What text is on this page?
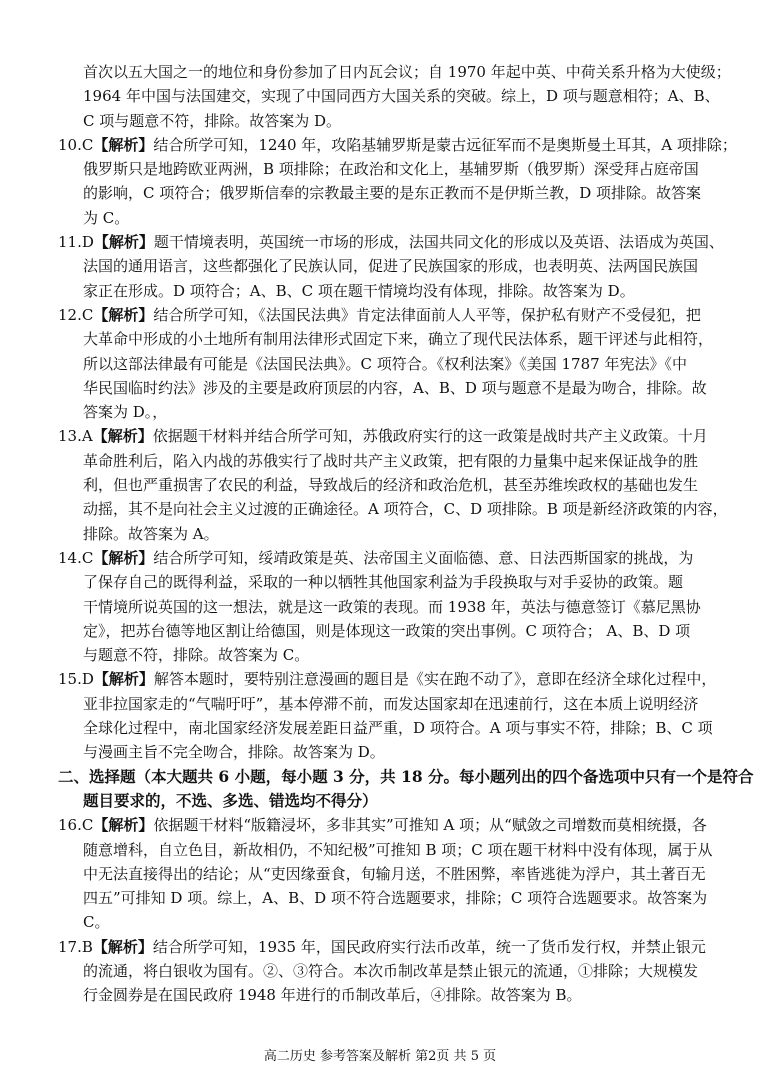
首次以五大国之一的地位和身份参加了日内瓦会议；自 1970 年起中英、中荷关系升格为大使级；
1964 年中国与法国建交，实现了中国同西方大国关系的突破。综上，D 项与题意相符；A、B、
C 项与题意不符，排除。故答案为 D。
10.C【解析】结合所学可知，1240 年，攻陷基辅罗斯是蒙古远征军而不是奥斯曼土耳其，A 项排除；
俄罗斯只是地跨欧亚两洲，B 项排除；在政治和文化上，基辅罗斯（俄罗斯）深受拜占庭帝国
的影响，C 项符合；俄罗斯信奉的宗教最主要的是东正教而不是伊斯兰教，D 项排除。故答案
为 C。
11.D【解析】题干情境表明，英国统一市场的形成，法国共同文化的形成以及英语、法语成为英国、
法国的通用语言，这些都强化了民族认同，促进了民族国家的形成，也表明英、法两国民族国
家正在形成。D 项符合；A、B、C 项在题干情境均没有体现，排除。故答案为 D。
12.C【解析】结合所学可知，《法国民法典》肯定法律面前人人平等，保护私有财产不受侵犯，把
大革命中形成的小土地所有制用法律形式固定下来，确立了现代民法体系，题干评述与此相符，
所以这部法律最有可能是《法国民法典》。C 项符合。《权利法案》《美国 1787 年宪法》《中
华民国临时约法》涉及的主要是政府顶层的内容，A、B、D 项与题意不是最为吻合，排除。故
答案为 D。，
13.A【解析】依据题干材料并结合所学可知，苏俄政府实行的这一政策是战时共产主义政策。十月
革命胜利后，陷入内战的苏俄实行了战时共产主义政策，把有限的力量集中起来保证战争的胜
利，但也严重损害了农民的利益，导致战后的经济和政治危机，甚至苏维埃政权的基础也发生
动摇，其不是向社会主义过渡的正确途径。A 项符合，C、D 项排除。B 项是新经济政策的内容，
排除。故答案为 A。
14.C【解析】结合所学可知，绥靖政策是英、法帝国主义面临德、意、日法西斯国家的挑战，为
了保存自己的既得利益，采取的一种以牺牲其他国家利益为手段换取与对手妥协的政策。题
干情境所说英国的这一想法，就是这一政策的表现。而 1938 年，英法与德意签订《慕尼黑协
定》，把苏台德等地区割让给德国，则是体现这一政策的突出事例。C 项符合； A、B、D 项
与题意不符，排除。故答案为 C。
15.D【解析】解答本题时，要特别注意漫画的题目是《实在跑不动了》，意即在经济全球化过程中，
亚非拉国家走的“气喘吁吁”，基本停滞不前，而发达国家却在迅速前行，这在本质上说明经济
全球化过程中，南北国家经济发展差距日益严重，D 项符合。A 项与事实不符，排除；B、C 项
与漫画主旨不完全吻合，排除。故答案为 D。
二、选择题（本大题共 6 小题，每小题 3 分，共 18 分。每小题列出的四个备选项中只有一个是符合
题目要求的，不选、多选、错选均不得分）
16.C【解析】依据题干材料“版籍浸坏，多非其实”可推知 A 项；从“赋敛之司增数而莫相统摄，各
随意增科，自立色目，新故相仍，不知纪极”可推知 B 项；C 项在题干材料中没有体现，属于从
中无法直接得出的结论；从“吏因缘蚕食，旬输月送，不胜困弊，率皆逃徙为浮户，其土著百无
四五”可排知 D 项。综上，A、B、D 项不符合选题要求，排除；C 项符合选题要求。故答案为
C。
17.B【解析】结合所学可知，1935 年，国民政府实行法币改革，统一了货币发行权，并禁止银元
的流通，将白银收为国有。②、③符合。本次币制改革是禁止银元的流通，①排除；大规模发
行金圆券是在国民政府 1948 年进行的币制改革后，④排除。故答案为 B。
高二历史 参考答案及解析 第2页 共 5 页
